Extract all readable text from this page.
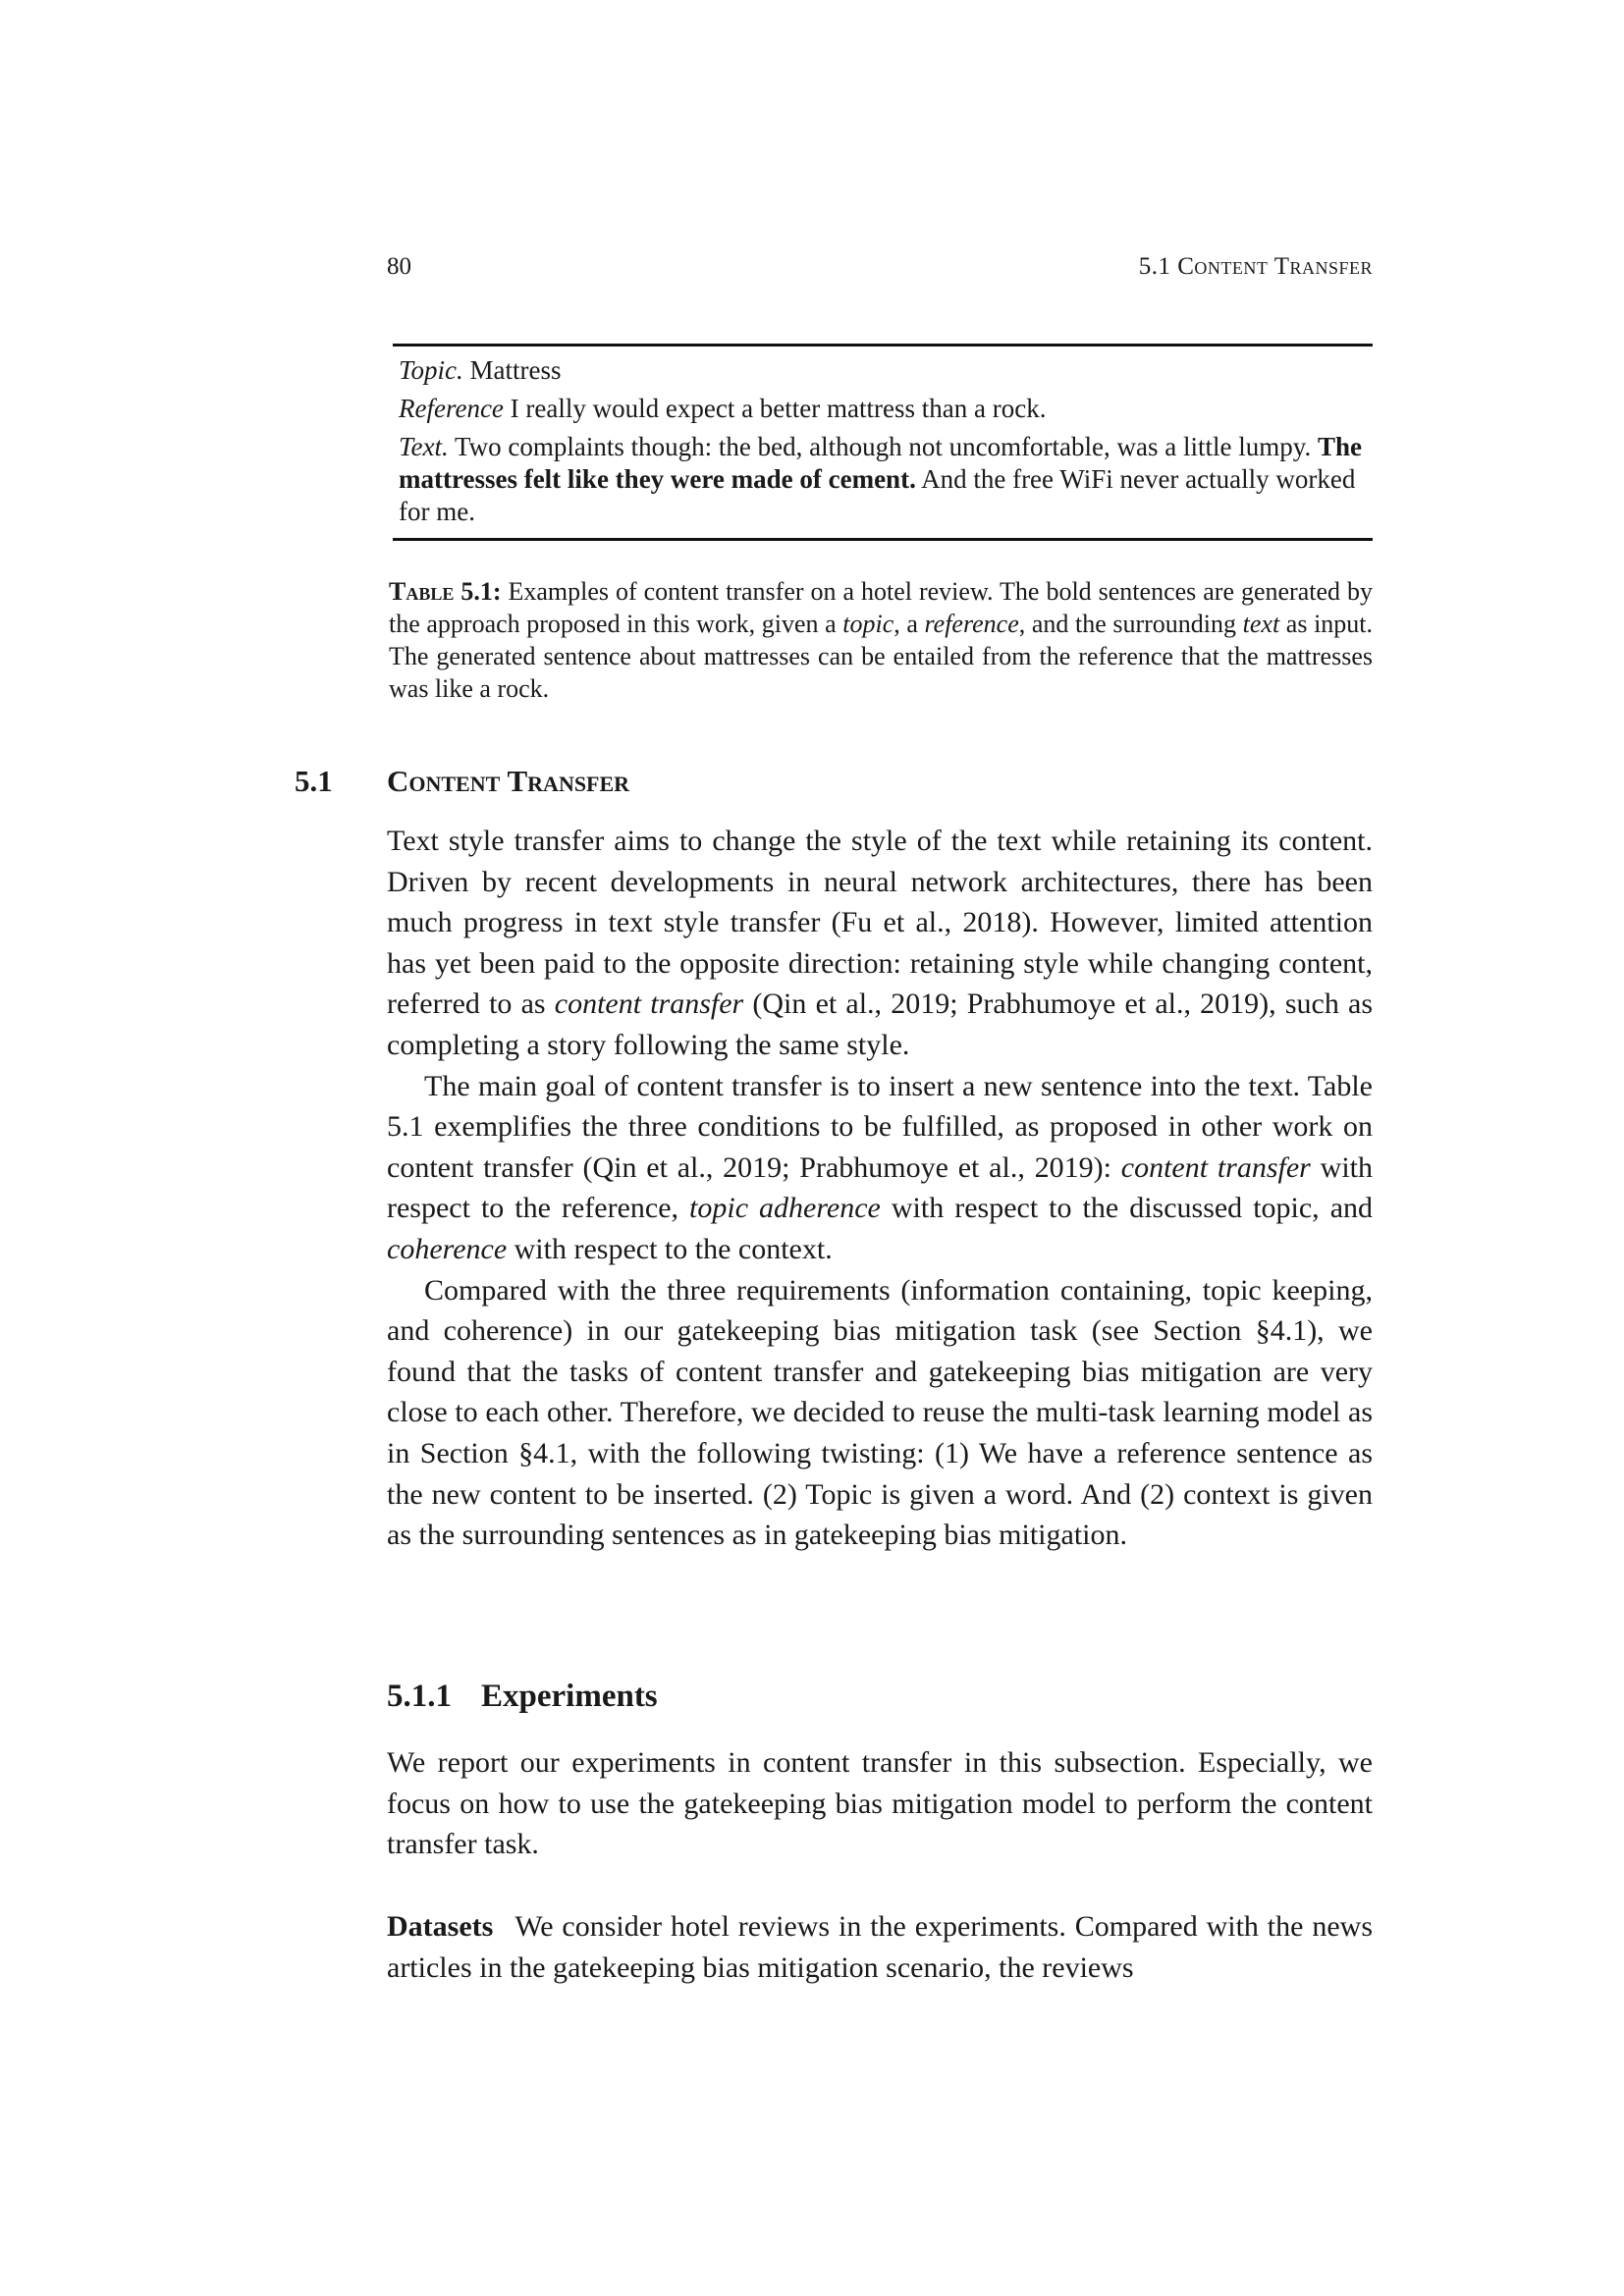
80	5.1 Content Transfer

Topic. Mattress

Reference I really would expect a better mattress than a rock.

Text. Two complaints though: the bed, although not uncomfortable, was a little lumpy. The mattresses felt like they were made of cement. And the free WiFi never actually worked for me.

Table 5.1: Examples of content transfer on a hotel review. The bold sentences are generated by the approach proposed in this work, given a topic, a reference, and the surrounding text as input. The generated sentence about mattresses can be entailed from the reference that the mattresses was like a rock.
5.1 Content Transfer

Text style transfer aims to change the style of the text while retaining its content. Driven by recent developments in neural network architectures, there has been much progress in text style transfer (Fu et al., 2018). However, limited attention has yet been paid to the opposite direction: retaining style while changing content, referred to as content transfer (Qin et al., 2019; Prabhumoye et al., 2019), such as completing a story following the same style.

The main goal of content transfer is to insert a new sentence into the text. Table 5.1 exemplifies the three conditions to be fulfilled, as proposed in other work on content transfer (Qin et al., 2019; Prabhumoye et al., 2019): content transfer with respect to the reference, topic adherence with respect to the discussed topic, and coherence with respect to the context.

Compared with the three requirements (information containing, topic keeping, and coherence) in our gatekeeping bias mitigation task (see Section §4.1), we found that the tasks of content transfer and gatekeeping bias mitigation are very close to each other. Therefore, we decided to reuse the multi-task learning model as in Section §4.1, with the following twisting: (1) We have a reference sentence as the new content to be inserted. (2) Topic is given a word. And (2) context is given as the surrounding sentences as in gatekeeping bias mitigation.

5.1.1 Experiments

We report our experiments in content transfer in this subsection. Especially, we focus on how to use the gatekeeping bias mitigation model to perform the content transfer task.

Datasets We consider hotel reviews in the experiments. Compared with the news articles in the gatekeeping bias mitigation scenario, the reviews
